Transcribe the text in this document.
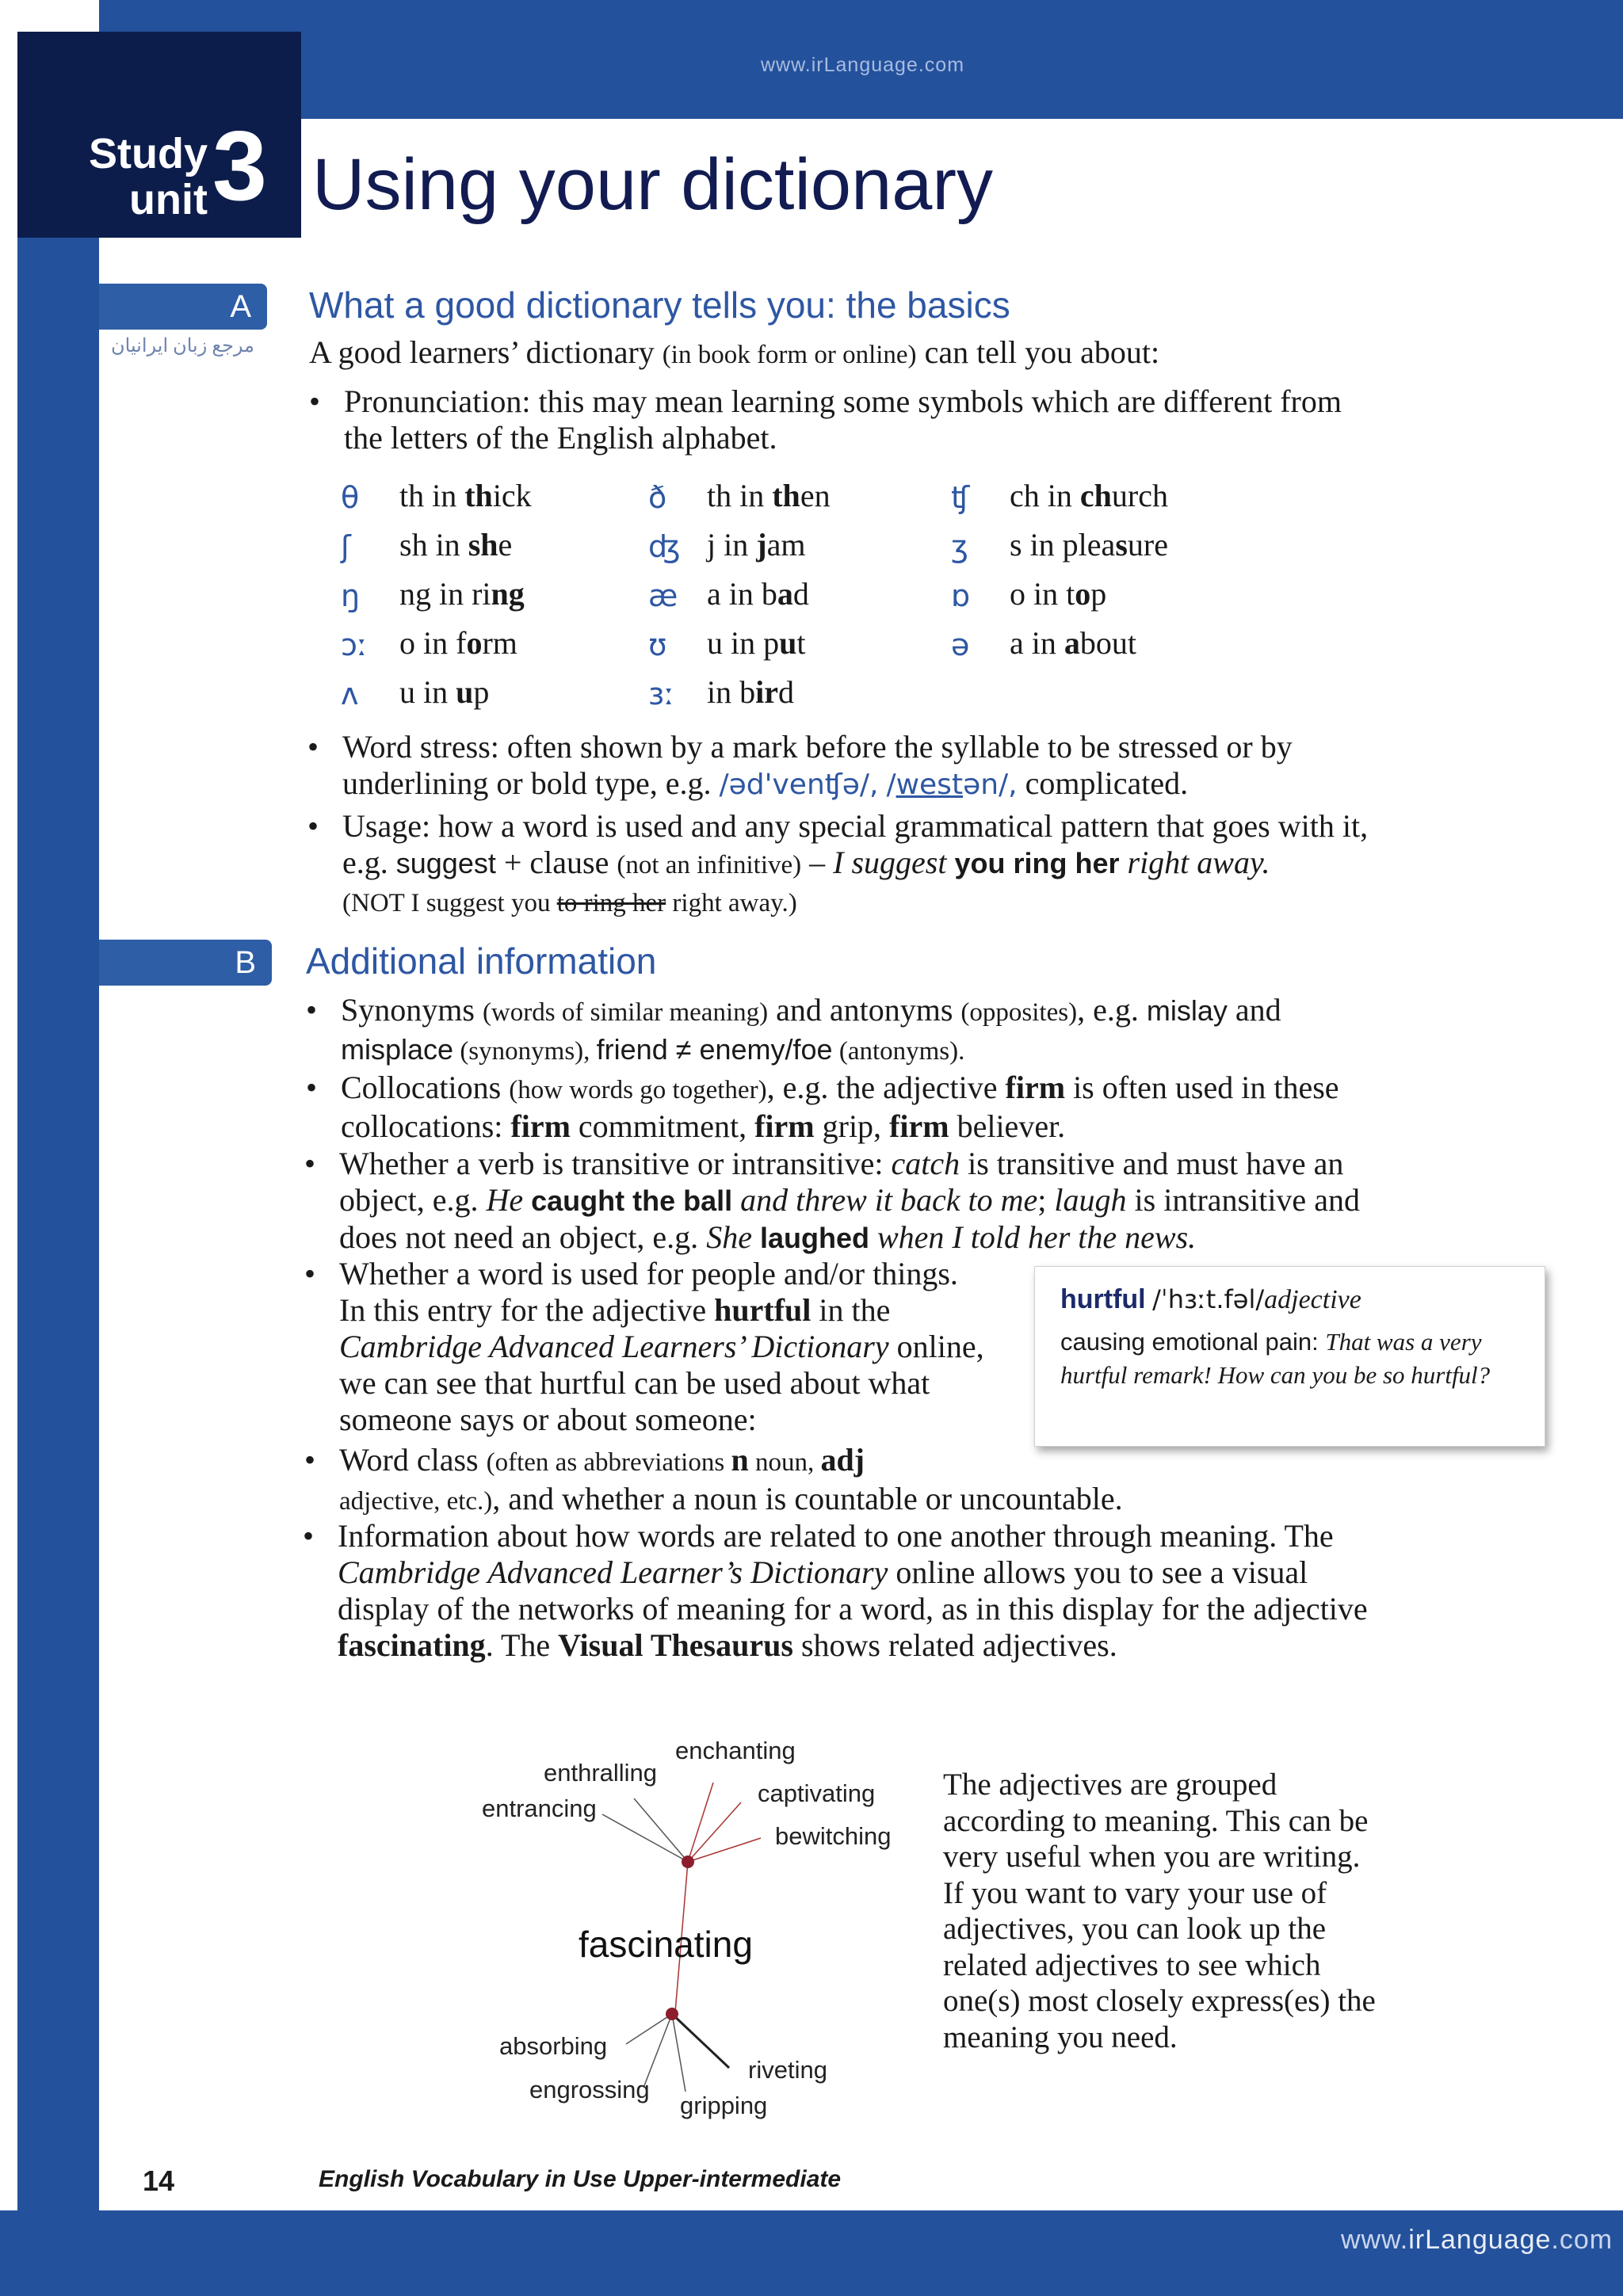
www.irLanguage.com
www.irLanguage.com
Study
unit 3 Using your dictionary
A
مرجع زبان ایرانیان
What a good dictionary tells you: the basics
A good learners’ dictionary (in book form or online) can tell you about:
• Pronunciation: this may mean learning some symbols which are different from
the letters of the English alphabet.
θ th in thick	ð th in then	ʧ ch in church
ʃ sh in she	ʤ j in jam	ʒ s in pleasure
ŋ ng in ring	æ a in bad	ɒ o in top
ɔː o in form	ʊ u in put	ə a in about
ʌ u in up	ɜː in bird
• Word stress: often shown by a mark before the syllable to be stressed or by
underlining or bold type, e.g. /əd'venʧə/, /westən/, complicated.
• Usage: how a word is used and any special grammatical pattern that goes with it,
e.g. suggest + clause (not an infinitive) – I suggest you ring her right away.
(NOT I suggest you to ring her right away.)
B	Additional information
• Synonyms (words of similar meaning) and antonyms (opposites), e.g. mislay and
misplace (synonyms), friend ≠ enemy/foe (antonyms).
• Collocations (how words go together), e.g. the adjective firm is often used in these
collocations: firm commitment, firm grip, firm believer.
• Whether a verb is transitive or intransitive: catch is transitive and must have an
object, e.g. He caught the ball and threw it back to me; laugh is intransitive and
does not need an object, e.g. She laughed when I told her the news.
• Whether a word is used for people and/or things.
In this entry for the adjective hurtful in the
Cambridge Advanced Learners’ Dictionary online,
we can see that hurtful can be used about what
someone says or about someone:
hurtful /ˈhɜːt.fəl/adjective
causing emotional pain: That was a very hurtful remark! How can you be so hurtful?
• Word class (often as abbreviations n noun, adj
adjective, etc.), and whether a noun is countable or uncountable.
• Information about how words are related to one another through meaning. The
Cambridge Advanced Learner’s Dictionary online allows you to see a visual
display of the networks of meaning for a word, as in this display for the adjective
fascinating. The Visual Thesaurus shows related adjectives.
enchanting
enthralling
captivating
entrancing
bewitching
fascinating
absorbing
engrossing
riveting
gripping
The adjectives are grouped according to meaning. This can be very useful when you are writing. If you want to vary your use of adjectives, you can look up the related adjectives to see which one(s) most closely express(es) the meaning you need.
14	English Vocabulary in Use Upper-intermediate
